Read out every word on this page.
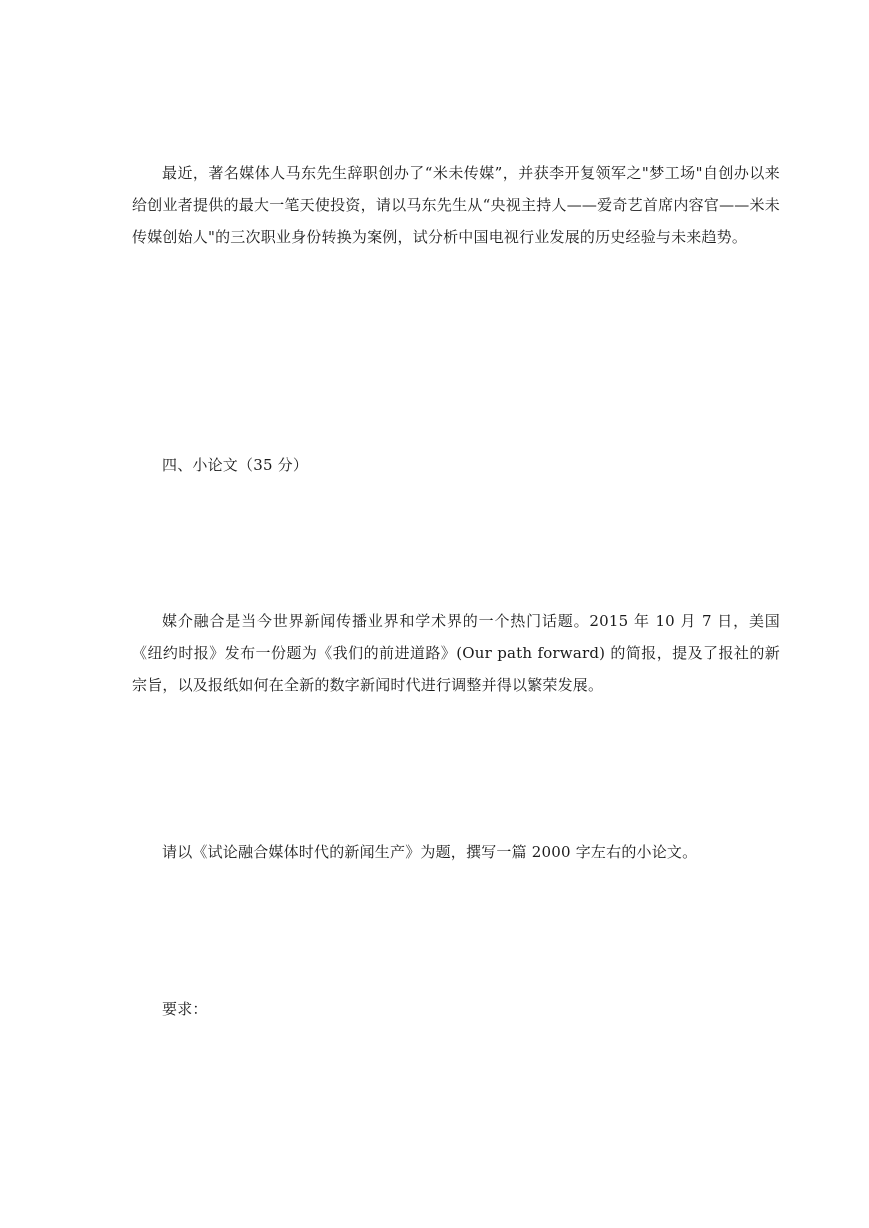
最近，著名媒体人马东先生辞职创办了“米未传媒”，并获李开复领军之"梦工场"自创办以来给创业者提供的最大一笔天使投资，请以马东先生从“央视主持人——爱奇艺首席内容官——米未传媒创始人"的三次职业身份转换为案例，试分析中国电视行业发展的历史经验与未来趋势。

四、小论文（35 分）

媒介融合是当今世界新闻传播业界和学术界的一个热门话题。2015 年 10 月 7 日，美国《纽约时报》发布一份题为《我们的前进道路》(Our path forward) 的简报，提及了报社的新宗旨，以及报纸如何在全新的数字新闻时代进行调整并得以繁荣发展。

请以《试论融合媒体时代的新闻生产》为题，撰写一篇 2000 字左右的小论文。

要求：
